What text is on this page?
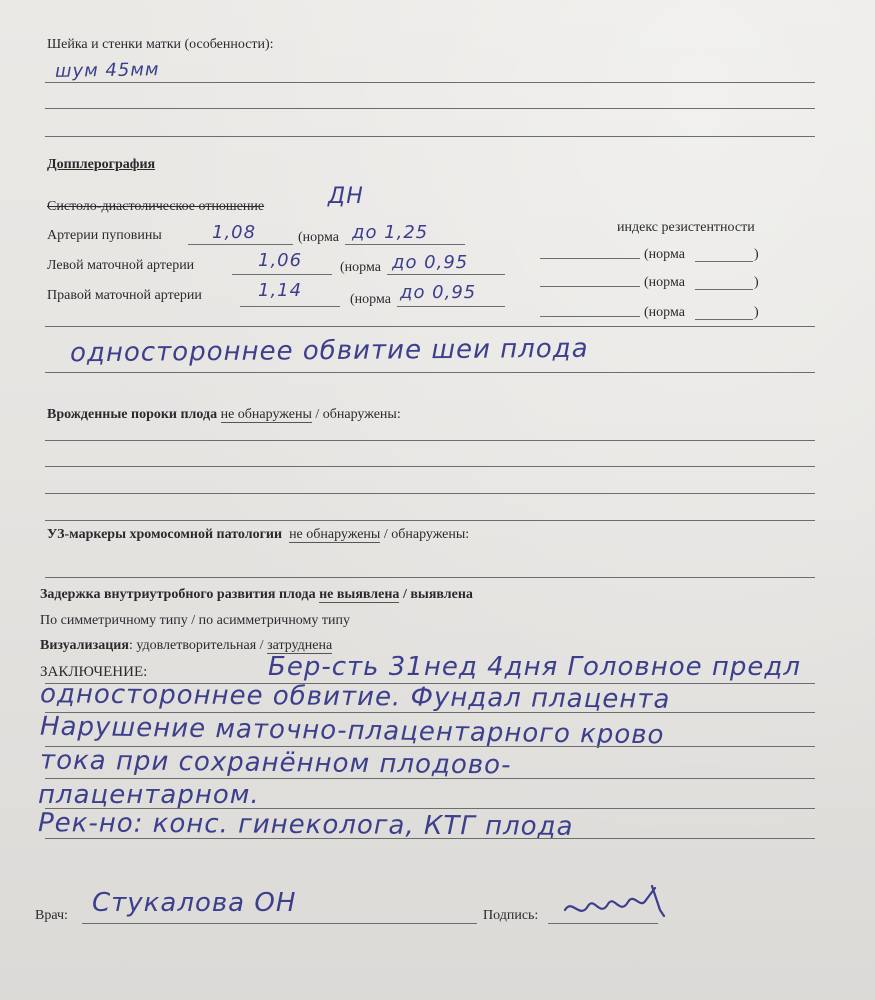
Шейка и стенки матки (особенности):
шум 45мм
Допплерография
Систоло-диастолическое отношение	ДН
индекс резистентности
Артерии пуповины	1,08	(норма до 1,25
(норма	)
Левой маточной артерии	1,06	(норма до 0,95
(норма	)
Правой маточной артерии	1,14	(норма до 0,95
(норма	)
одностороннее обвитие шеи плода
Врожденные пороки плода не обнаружены / обнаружены:
УЗ-маркеры хромосомной патологии не обнаружены / обнаружены:
Задержка внутриутробного развития плода не выявлена / выявлена
По симметричному типу / по асимметричному типу
Визуализация: удовлетворительная / затруднена
ЗАКЛЮЧЕНИЕ:	Бер-сть 31нед 4дня Головное предл
одностороннее обвитие. Фундал плацента
Нарушение маточно-плацентарного крово
тока при сохранённом плодово-
плацентарном.
Рек-но: конс. гинеколога, КТГ плода
Врач: Стукалова ОН	Подпись:
